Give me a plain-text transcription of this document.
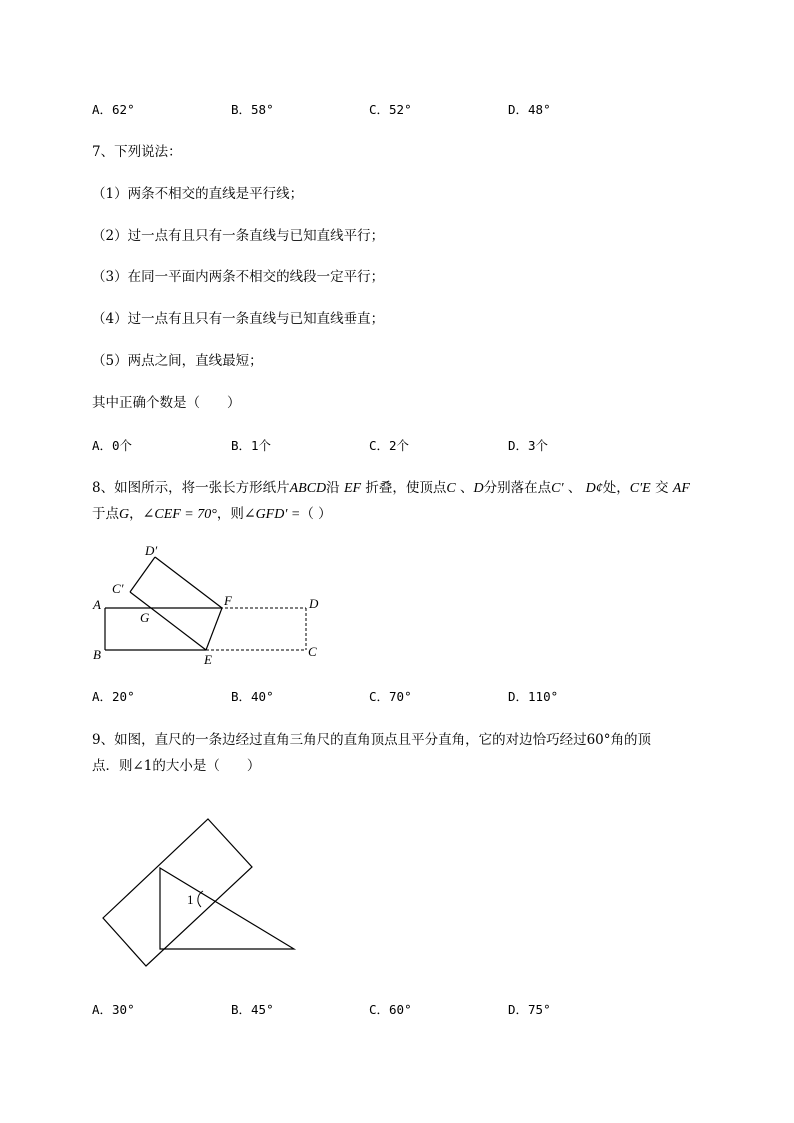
A．62°	B．58°	C．52°	D．48°
7、下列说法：
（1）两条不相交的直线是平行线；
（2）过一点有且只有一条直线与已知直线平行；
（3）在同一平面内两条不相交的线段一定平行；
（4）过一点有且只有一条直线与已知直线垂直；
（5）两点之间，直线最短；
其中正确个数是（　　）
A．0个	B．1个	C．2个	D．3个
8、如图所示，将一张长方形纸片ABCD沿 EF 折叠，使顶点C 、D分别落在点C′ 、 D¢处，C′E 交 AF
于点G，∠CEF = 70°，则∠GFD′ =（ ）
D′
C′
A
G
F	D
B	E
C
A．20°	B．40°	C．70°	D．110°
9、如图，直尺的一条边经过直角三角尺的直角顶点且平分直角，它的对边恰巧经过60°角的顶
点．则∠1的大小是（　　）
1
A．30°	B．45°	C．60°	D．75°
